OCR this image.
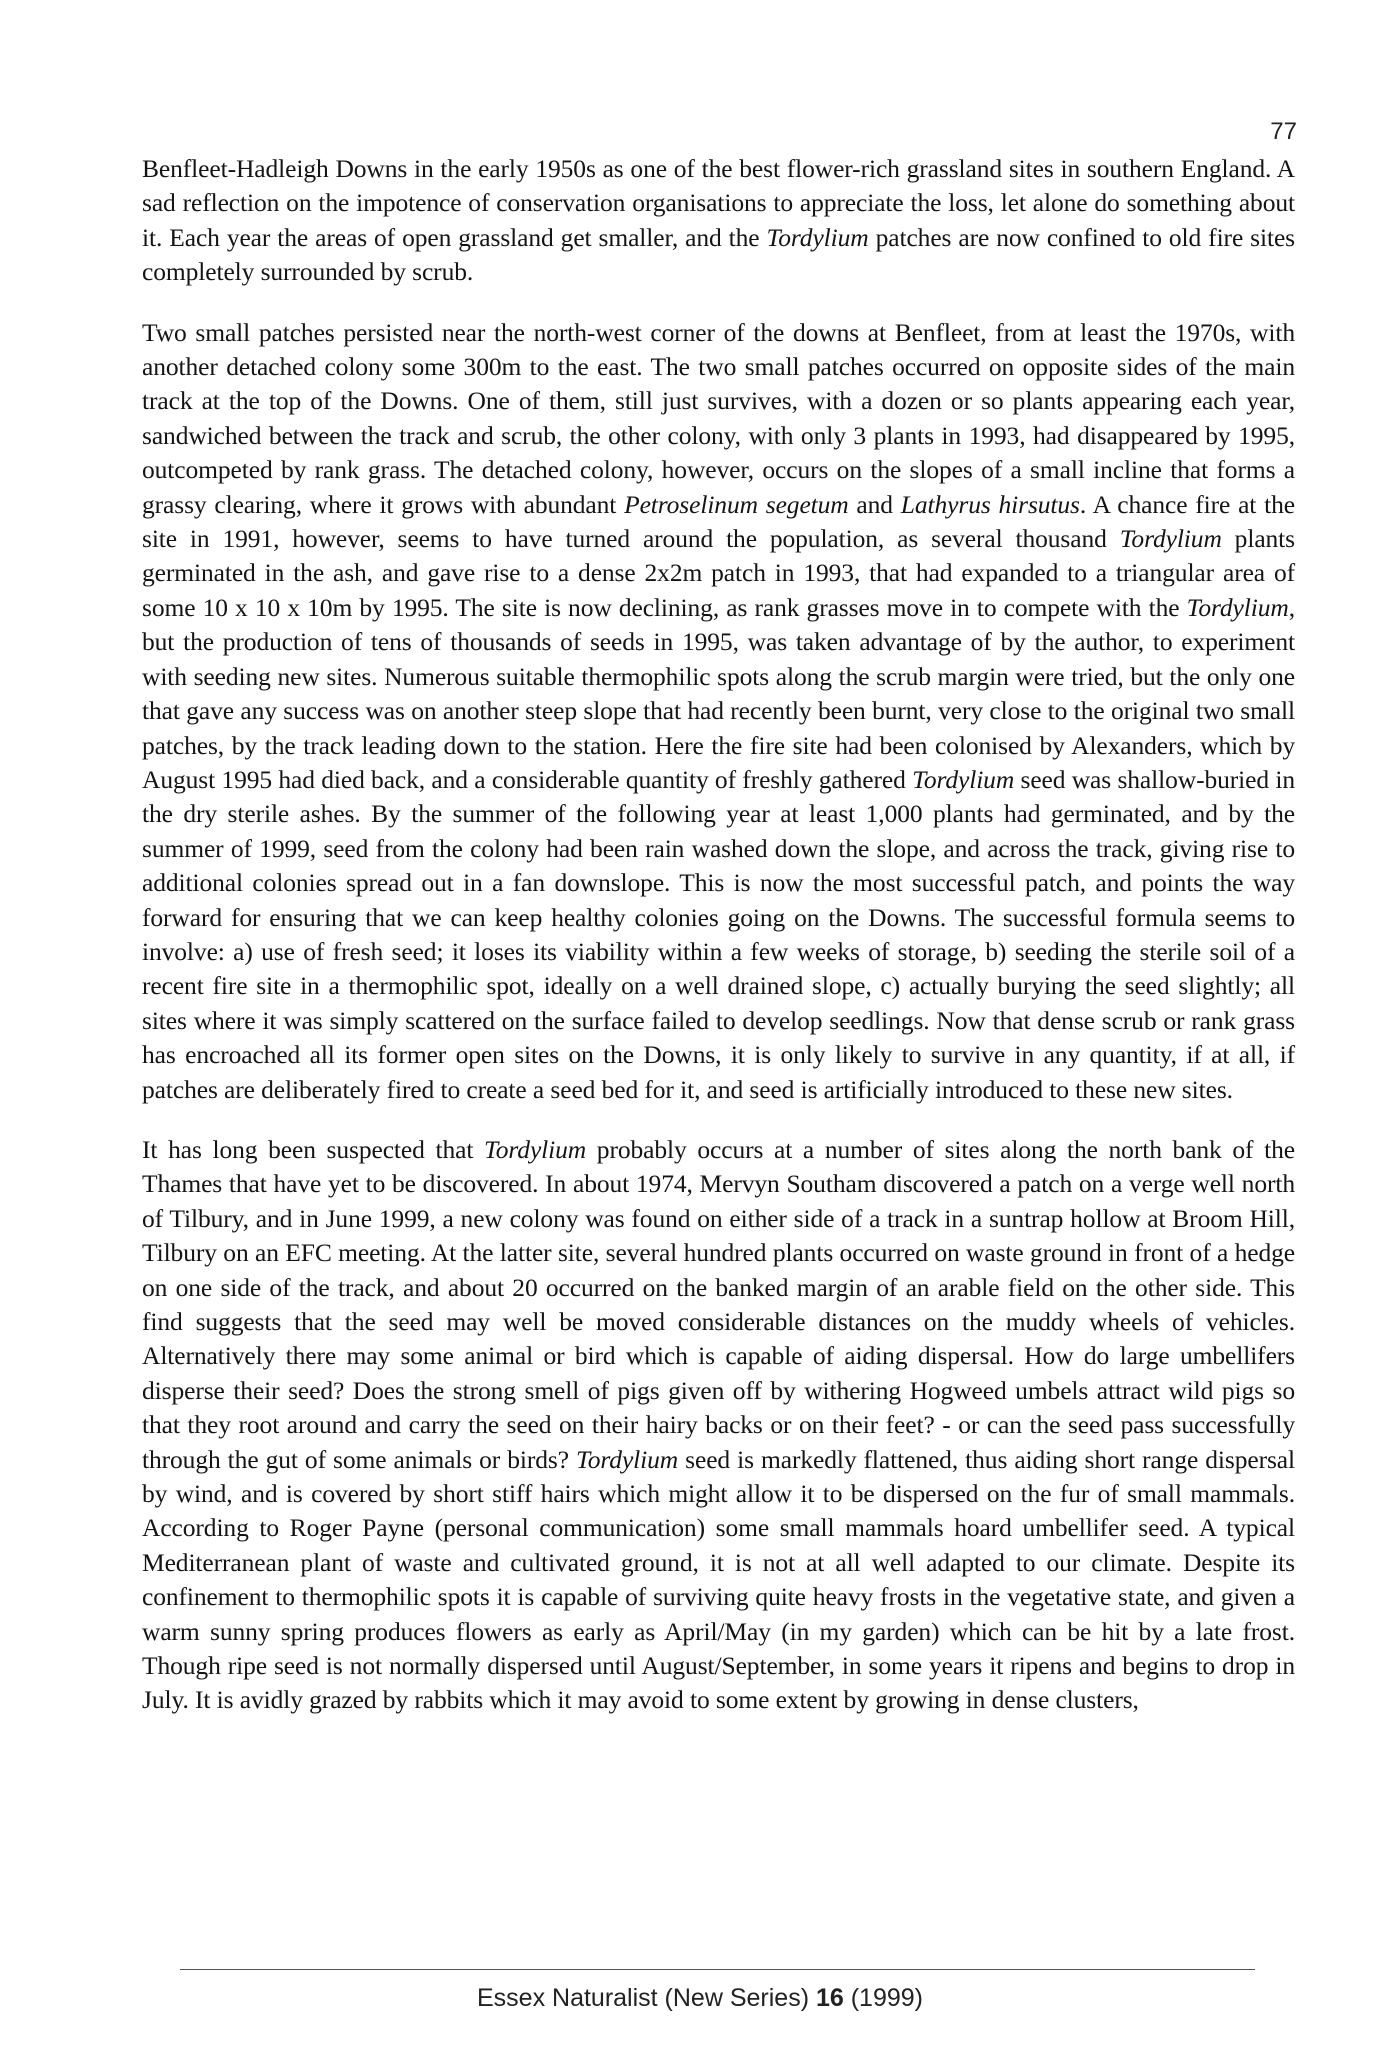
77

Benfleet-Hadleigh Downs in the early 1950s as one of the best flower-rich grassland sites in southern England. A sad reflection on the impotence of conservation organisations to appreciate the loss, let alone do something about it. Each year the areas of open grassland get smaller, and the Tordylium patches are now confined to old fire sites completely surrounded by scrub.

Two small patches persisted near the north-west corner of the downs at Benfleet, from at least the 1970s, with another detached colony some 300m to the east. The two small patches occurred on opposite sides of the main track at the top of the Downs. One of them, still just survives, with a dozen or so plants appearing each year, sandwiched between the track and scrub, the other colony, with only 3 plants in 1993, had disappeared by 1995, outcompeted by rank grass. The detached colony, however, occurs on the slopes of a small incline that forms a grassy clearing, where it grows with abundant Petroselinum segetum and Lathyrus hirsutus. A chance fire at the site in 1991, however, seems to have turned around the population, as several thousand Tordylium plants germinated in the ash, and gave rise to a dense 2x2m patch in 1993, that had expanded to a triangular area of some 10 x 10 x 10m by 1995. The site is now declining, as rank grasses move in to compete with the Tordylium, but the production of tens of thousands of seeds in 1995, was taken advantage of by the author, to experiment with seeding new sites. Numerous suitable thermophilic spots along the scrub margin were tried, but the only one that gave any success was on another steep slope that had recently been burnt, very close to the original two small patches, by the track leading down to the station. Here the fire site had been colonised by Alexanders, which by August 1995 had died back, and a considerable quantity of freshly gathered Tordylium seed was shallow-buried in the dry sterile ashes. By the summer of the following year at least 1,000 plants had germinated, and by the summer of 1999, seed from the colony had been rain washed down the slope, and across the track, giving rise to additional colonies spread out in a fan downslope. This is now the most successful patch, and points the way forward for ensuring that we can keep healthy colonies going on the Downs. The successful formula seems to involve: a) use of fresh seed; it loses its viability within a few weeks of storage, b) seeding the sterile soil of a recent fire site in a thermophilic spot, ideally on a well drained slope, c) actually burying the seed slightly; all sites where it was simply scattered on the surface failed to develop seedlings. Now that dense scrub or rank grass has encroached all its former open sites on the Downs, it is only likely to survive in any quantity, if at all, if patches are deliberately fired to create a seed bed for it, and seed is artificially introduced to these new sites.

It has long been suspected that Tordylium probably occurs at a number of sites along the north bank of the Thames that have yet to be discovered. In about 1974, Mervyn Southam discovered a patch on a verge well north of Tilbury, and in June 1999, a new colony was found on either side of a track in a suntrap hollow at Broom Hill, Tilbury on an EFC meeting. At the latter site, several hundred plants occurred on waste ground in front of a hedge on one side of the track, and about 20 occurred on the banked margin of an arable field on the other side. This find suggests that the seed may well be moved considerable distances on the muddy wheels of vehicles. Alternatively there may some animal or bird which is capable of aiding dispersal. How do large umbellifers disperse their seed? Does the strong smell of pigs given off by withering Hogweed umbels attract wild pigs so that they root around and carry the seed on their hairy backs or on their feet? - or can the seed pass successfully through the gut of some animals or birds? Tordylium seed is markedly flattened, thus aiding short range dispersal by wind, and is covered by short stiff hairs which might allow it to be dispersed on the fur of small mammals. According to Roger Payne (personal communication) some small mammals hoard umbellifer seed. A typical Mediterranean plant of waste and cultivated ground, it is not at all well adapted to our climate. Despite its confinement to thermophilic spots it is capable of surviving quite heavy frosts in the vegetative state, and given a warm sunny spring produces flowers as early as April/May (in my garden) which can be hit by a late frost. Though ripe seed is not normally dispersed until August/September, in some years it ripens and begins to drop in July. It is avidly grazed by rabbits which it may avoid to some extent by growing in dense clusters,

Essex Naturalist (New Series) 16 (1999)
